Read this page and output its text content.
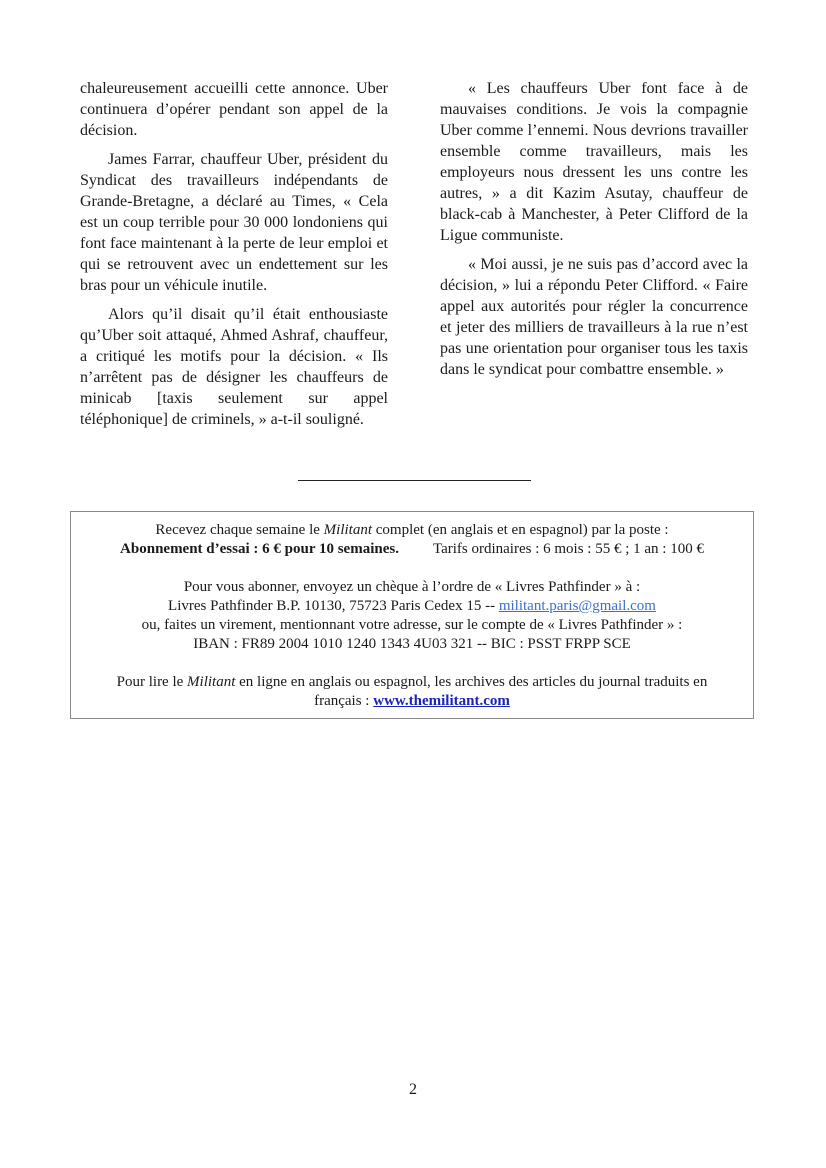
chaleureusement accueilli cette annonce. Uber continuera d’opérer pendant son appel de la décision.

James Farrar, chauffeur Uber, président du Syndicat des travailleurs indépendants de Grande-Bretagne, a déclaré au Times, « Cela est un coup terrible pour 30 000 londoniens qui font face maintenant à la perte de leur emploi et qui se retrouvent avec un endettement sur les bras pour un véhicule inutile.

Alors qu’il disait qu’il était enthousiaste qu’Uber soit attaqué, Ahmed Ashraf, chauffeur, a critiqué les motifs pour la décision. « Ils n’arrêtent pas de désigner les chauffeurs de minicab [taxis seulement sur appel téléphonique] de criminels, » a-t-il souligné.

« Les chauffeurs Uber font face à de mauvaises conditions. Je vois la compagnie Uber comme l’ennemi. Nous devrions travailler ensemble comme travailleurs, mais les employeurs nous dressent les uns contre les autres, » a dit Kazim Asutay, chauffeur de black-cab à Manchester, à Peter Clifford de la Ligue communiste.

« Moi aussi, je ne suis pas d’accord avec la décision, » lui a répondu Peter Clifford. « Faire appel aux autorités pour régler la concurrence et jeter des milliers de travailleurs à la rue n’est pas une orientation pour organiser tous les taxis dans le syndicat pour combattre ensemble. »

Recevez chaque semaine le Militant complet (en anglais et en espagnol) par la poste :
Abonnement d’essai : 6 € pour 10 semaines. Tarifs ordinaires : 6 mois : 55 € ; 1 an : 100 €
Pour vous abonner, envoyez un chèque à l’ordre de « Livres Pathfinder » à :
Livres Pathfinder B.P. 10130, 75723 Paris Cedex 15 -- militant.paris@gmail.com
ou, faites un virement, mentionnant votre adresse, sur le compte de « Livres Pathfinder » :
IBAN : FR89 2004 1010 1240 1343 4U03 321 -- BIC : PSST FRPP SCE
Pour lire le Militant en ligne en anglais ou espagnol, les archives des articles du journal traduits en
français : www.themilitant.com
2
